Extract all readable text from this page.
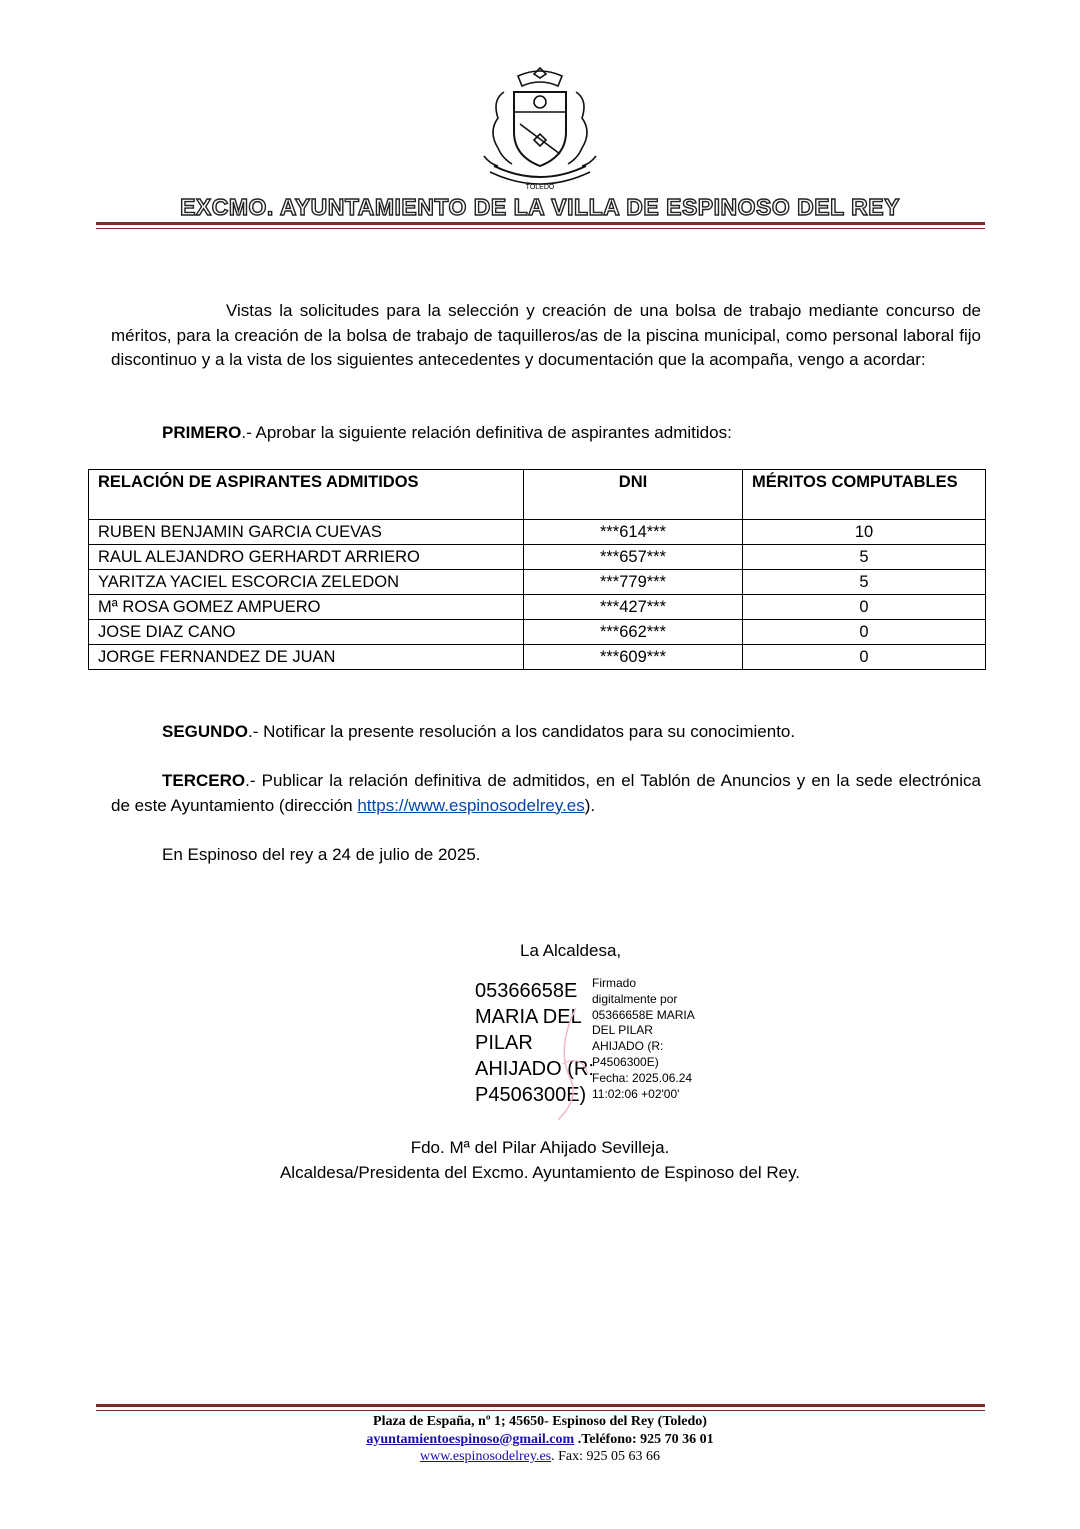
TOLEDO
EXCMO. AYUNTAMIENTO DE LA VILLA DE ESPINOSO DEL REY
Vistas la solicitudes para la selección y creación de una bolsa de trabajo mediante concurso de méritos, para la creación de la bolsa de trabajo de taquilleros/as de la piscina municipal, como personal laboral fijo discontinuo y a la vista de los siguientes antecedentes y documentación que la acompaña, vengo a acordar:
PRIMERO.- Aprobar la siguiente relación definitiva de aspirantes admitidos:
RELACIÓN DE ASPIRANTES ADMITIDOS	DNI	MÉRITOS COMPUTABLES
RUBEN BENJAMIN GARCIA CUEVAS	***614***	10
RAUL ALEJANDRO GERHARDT ARRIERO	***657***	5
YARITZA YACIEL ESCORCIA ZELEDON	***779***	5
Mª ROSA GOMEZ AMPUERO	***427***	0
JOSE DIAZ CANO	***662***	0
JORGE FERNANDEZ DE JUAN	***609***	0
SEGUNDO.- Notificar la presente resolución a los candidatos para su conocimiento.
TERCERO.- Publicar la relación definitiva de admitidos, en el Tablón de Anuncios y en la sede electrónica de este Ayuntamiento (dirección https://www.espinosodelrey.es).
En Espinoso del rey a 24 de julio de 2025.
La Alcaldesa,
05366658E
MARIA DEL
PILAR
AHIJADO (R:
P4506300E)
Firmado
digitalmente por
05366658E MARIA
DEL PILAR
AHIJADO (R:
P4506300E)
Fecha: 2025.06.24
11:02:06 +02'00'
Fdo. Mª del Pilar Ahijado Sevilleja.
Alcaldesa/Presidenta del Excmo. Ayuntamiento de Espinoso del Rey.
Plaza de España, nº 1; 45650- Espinoso del Rey (Toledo)
ayuntamientoespinoso@gmail.com .Teléfono: 925 70 36 01
www.espinosodelrey.es. Fax: 925 05 63 66
